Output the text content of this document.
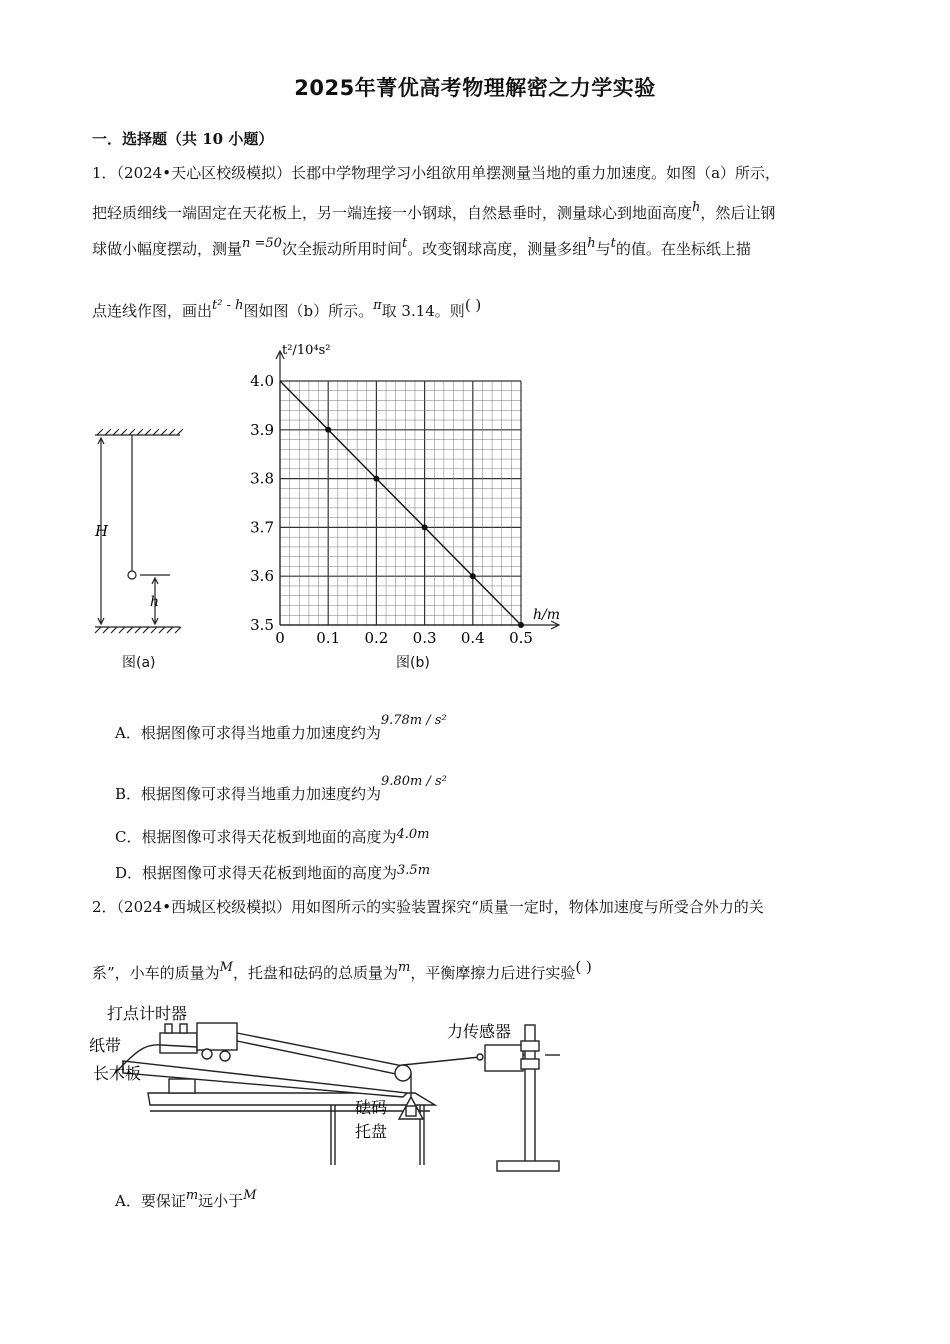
2025年菁优高考物理解密之力学实验
一．选择题（共 10 小题）
1．（2024•天心区校级模拟）长郡中学物理学习小组欲用单摆测量当地的重力加速度。如图（a）所示，
把轻质细线一端固定在天花板上，另一端连接一小钢球，自然悬垂时，测量球心到地面高度h，然后让钢
球做小幅度摆动，测量n =50次全振动所用时间t。改变钢球高度，测量多组h与t的值。在坐标纸上描
点连线作图，画出t² - h图如图（b）所示。π取 3.14。则( )
H
h
图(a)
0 0.1 0.2 0.3 0.4 0.5
3.5
3.6
3.7
3.8
3.9
4.0
t²/10⁴s²
h/m
图(b)
A．根据图像可求得当地重力加速度约为9.78m / s²
B．根据图像可求得当地重力加速度约为9.80m / s²
C．根据图像可求得天花板到地面的高度为4.0m
D．根据图像可求得天花板到地面的高度为3.5m
2．（2024•西城区校级模拟）用如图所示的实验装置探究“质量一定时，物体加速度与所受合外力的关
系”，小车的质量为M，托盘和砝码的总质量为m，平衡摩擦力后进行实验( )
打点计时器
纸带
长木板
力传感器
砝码
托盘
A．要保证m远小于M
